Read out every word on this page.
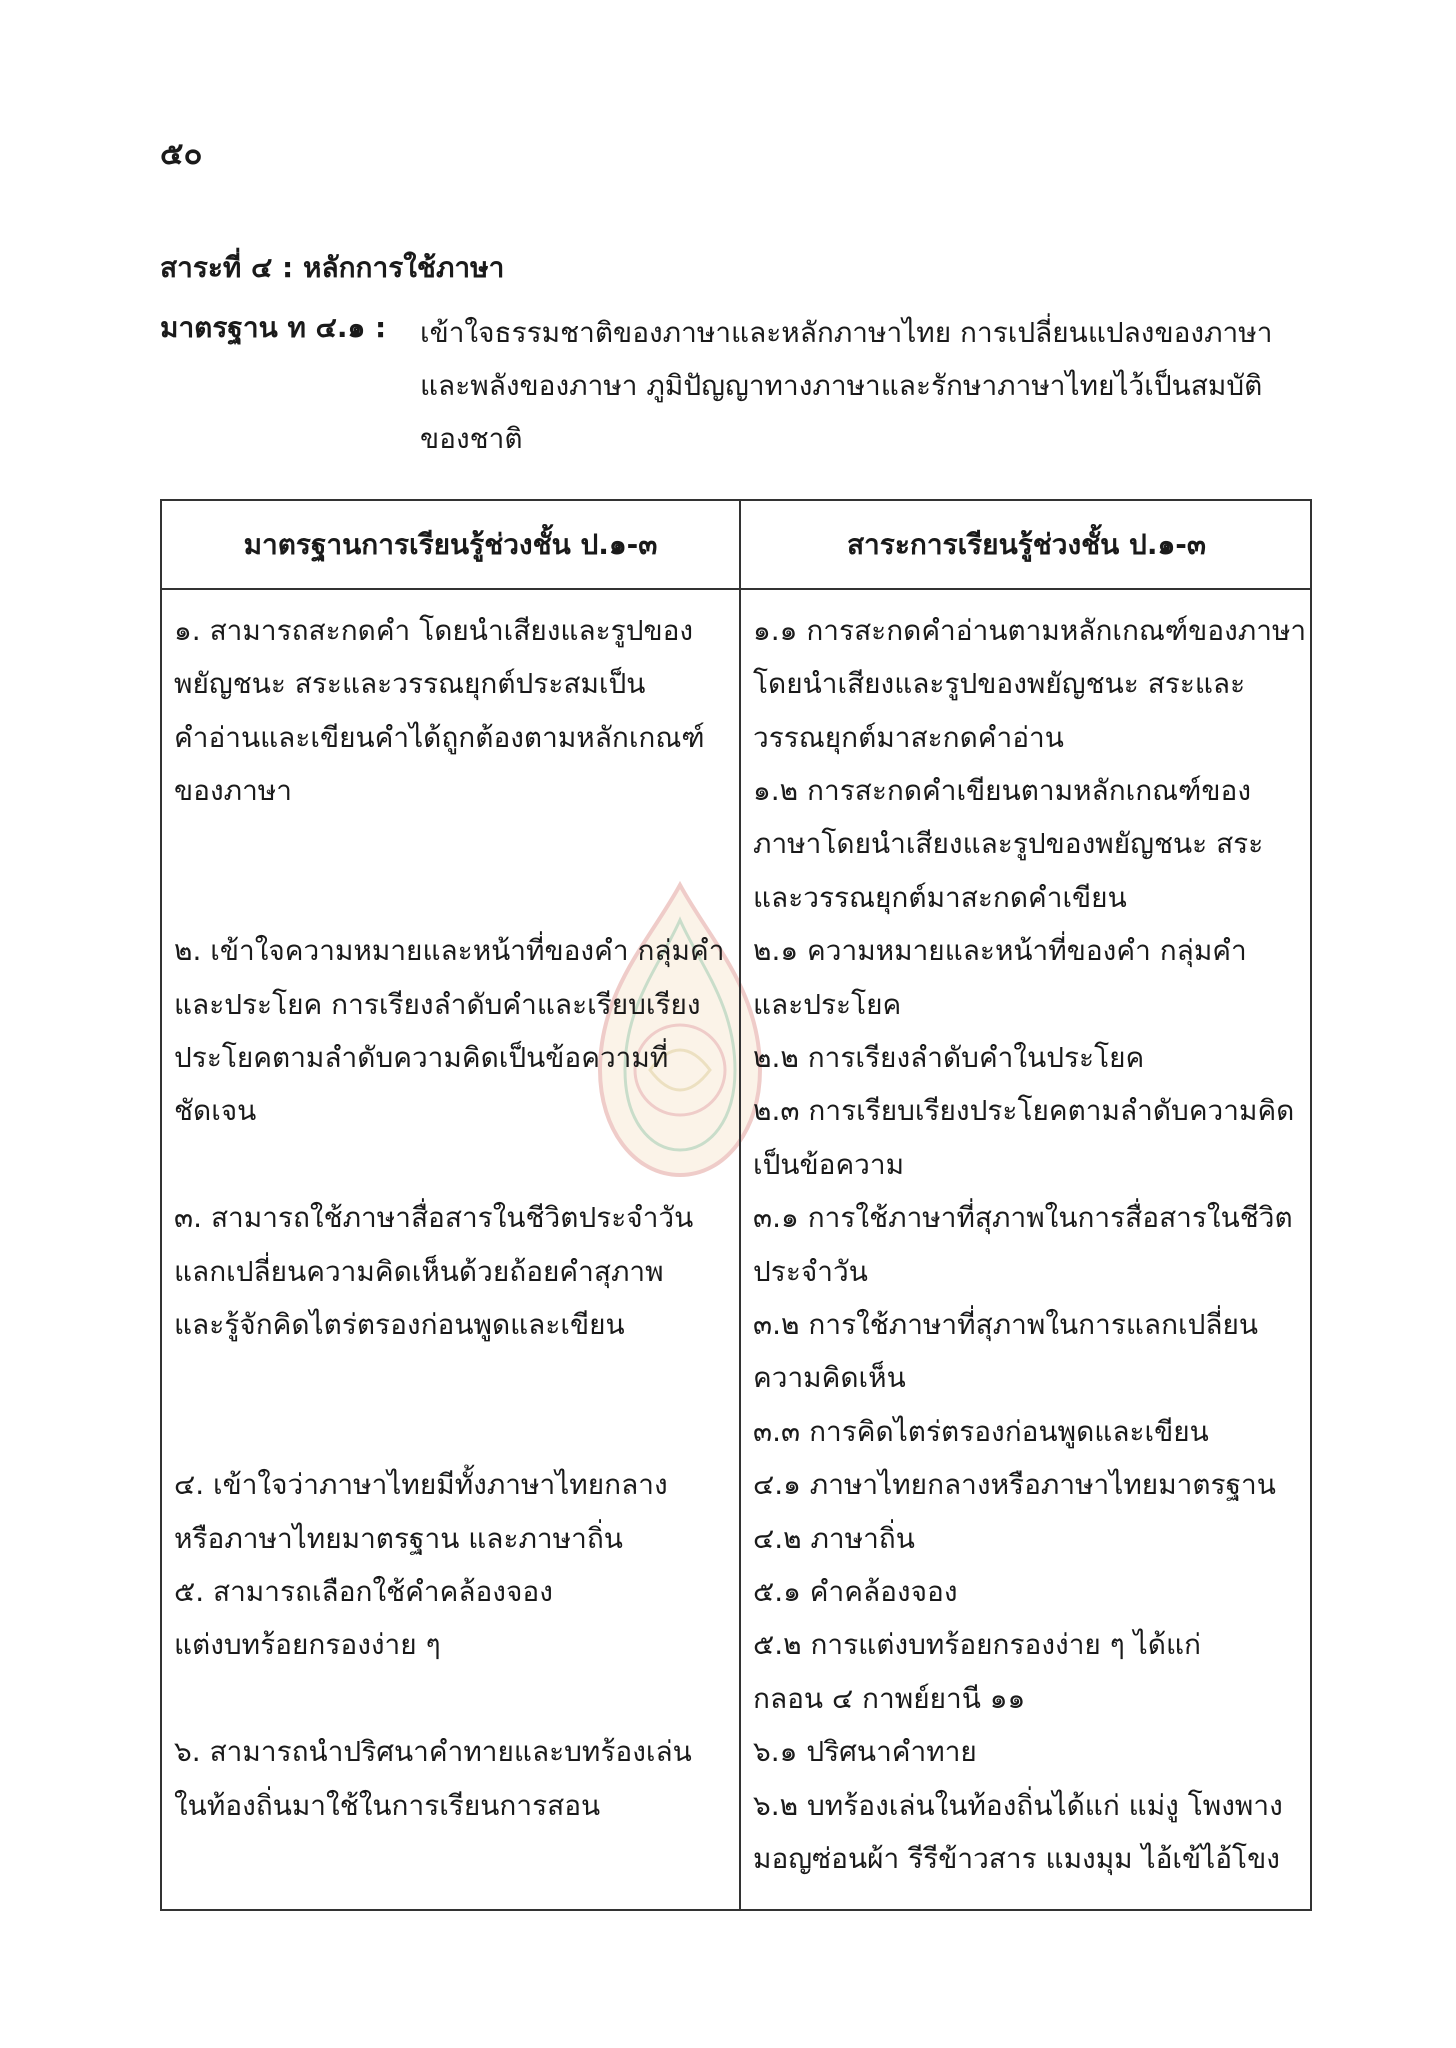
๕๐
สาระที่ ๔ : หลักการใช้ภาษา
มาตรฐาน ท ๔.๑ : เข้าใจธรรมชาติของภาษาและหลักภาษาไทย การเปลี่ยนแปลงของภาษา
และพลังของภาษา ภูมิปัญญาทางภาษาและรักษาภาษาไทยไว้เป็นสมบัติ
ของชาติ
มาตรฐานการเรียนรู้ช่วงชั้น ป.๑-๓	สาระการเรียนรู้ช่วงชั้น ป.๑-๓
๑. สามารถสะกดคำ โดยนำเสียงและรูปของ
พยัญชนะ สระและวรรณยุกต์ประสมเป็น
คำอ่านและเขียนคำได้ถูกต้องตามหลักเกณฑ์
ของภาษา
๒. เข้าใจความหมายและหน้าที่ของคำ กลุ่มคำ
และประโยค การเรียงลำดับคำและเรียบเรียง
ประโยคตามลำดับความคิดเป็นข้อความที่
ชัดเจน
๓. สามารถใช้ภาษาสื่อสารในชีวิตประจำวัน
แลกเปลี่ยนความคิดเห็นด้วยถ้อยคำสุภาพ
และรู้จักคิดไตร่ตรองก่อนพูดและเขียน
๔. เข้าใจว่าภาษาไทยมีทั้งภาษาไทยกลาง
หรือภาษาไทยมาตรฐาน และภาษาถิ่น
๕. สามารถเลือกใช้คำคล้องจอง
แต่งบทร้อยกรองง่าย ๆ
๖. สามารถนำปริศนาคำทายและบทร้องเล่น
ในท้องถิ่นมาใช้ในการเรียนการสอน
๑.๑ การสะกดคำอ่านตามหลักเกณฑ์ของภาษา
โดยนำเสียงและรูปของพยัญชนะ สระและ
วรรณยุกต์มาสะกดคำอ่าน
๑.๒ การสะกดคำเขียนตามหลักเกณฑ์ของ
ภาษาโดยนำเสียงและรูปของพยัญชนะ สระ
และวรรณยุกต์มาสะกดคำเขียน
๒.๑ ความหมายและหน้าที่ของคำ กลุ่มคำ
และประโยค
๒.๒ การเรียงลำดับคำในประโยค
๒.๓ การเรียบเรียงประโยคตามลำดับความคิด
เป็นข้อความ
๓.๑ การใช้ภาษาที่สุภาพในการสื่อสารในชีวิต
ประจำวัน
๓.๒ การใช้ภาษาที่สุภาพในการแลกเปลี่ยน
ความคิดเห็น
๓.๓ การคิดไตร่ตรองก่อนพูดและเขียน
๔.๑ ภาษาไทยกลางหรือภาษาไทยมาตรฐาน
๔.๒ ภาษาถิ่น
๕.๑ คำคล้องจอง
๕.๒ การแต่งบทร้อยกรองง่าย ๆ ได้แก่
กลอน ๔ กาพย์ยานี ๑๑
๖.๑ ปริศนาคำทาย
๖.๒ บทร้องเล่นในท้องถิ่นได้แก่ แม่งู โพงพาง
มอญซ่อนผ้า รีรีข้าวสาร แมงมุม ไอ้เข้ไอ้โขง
